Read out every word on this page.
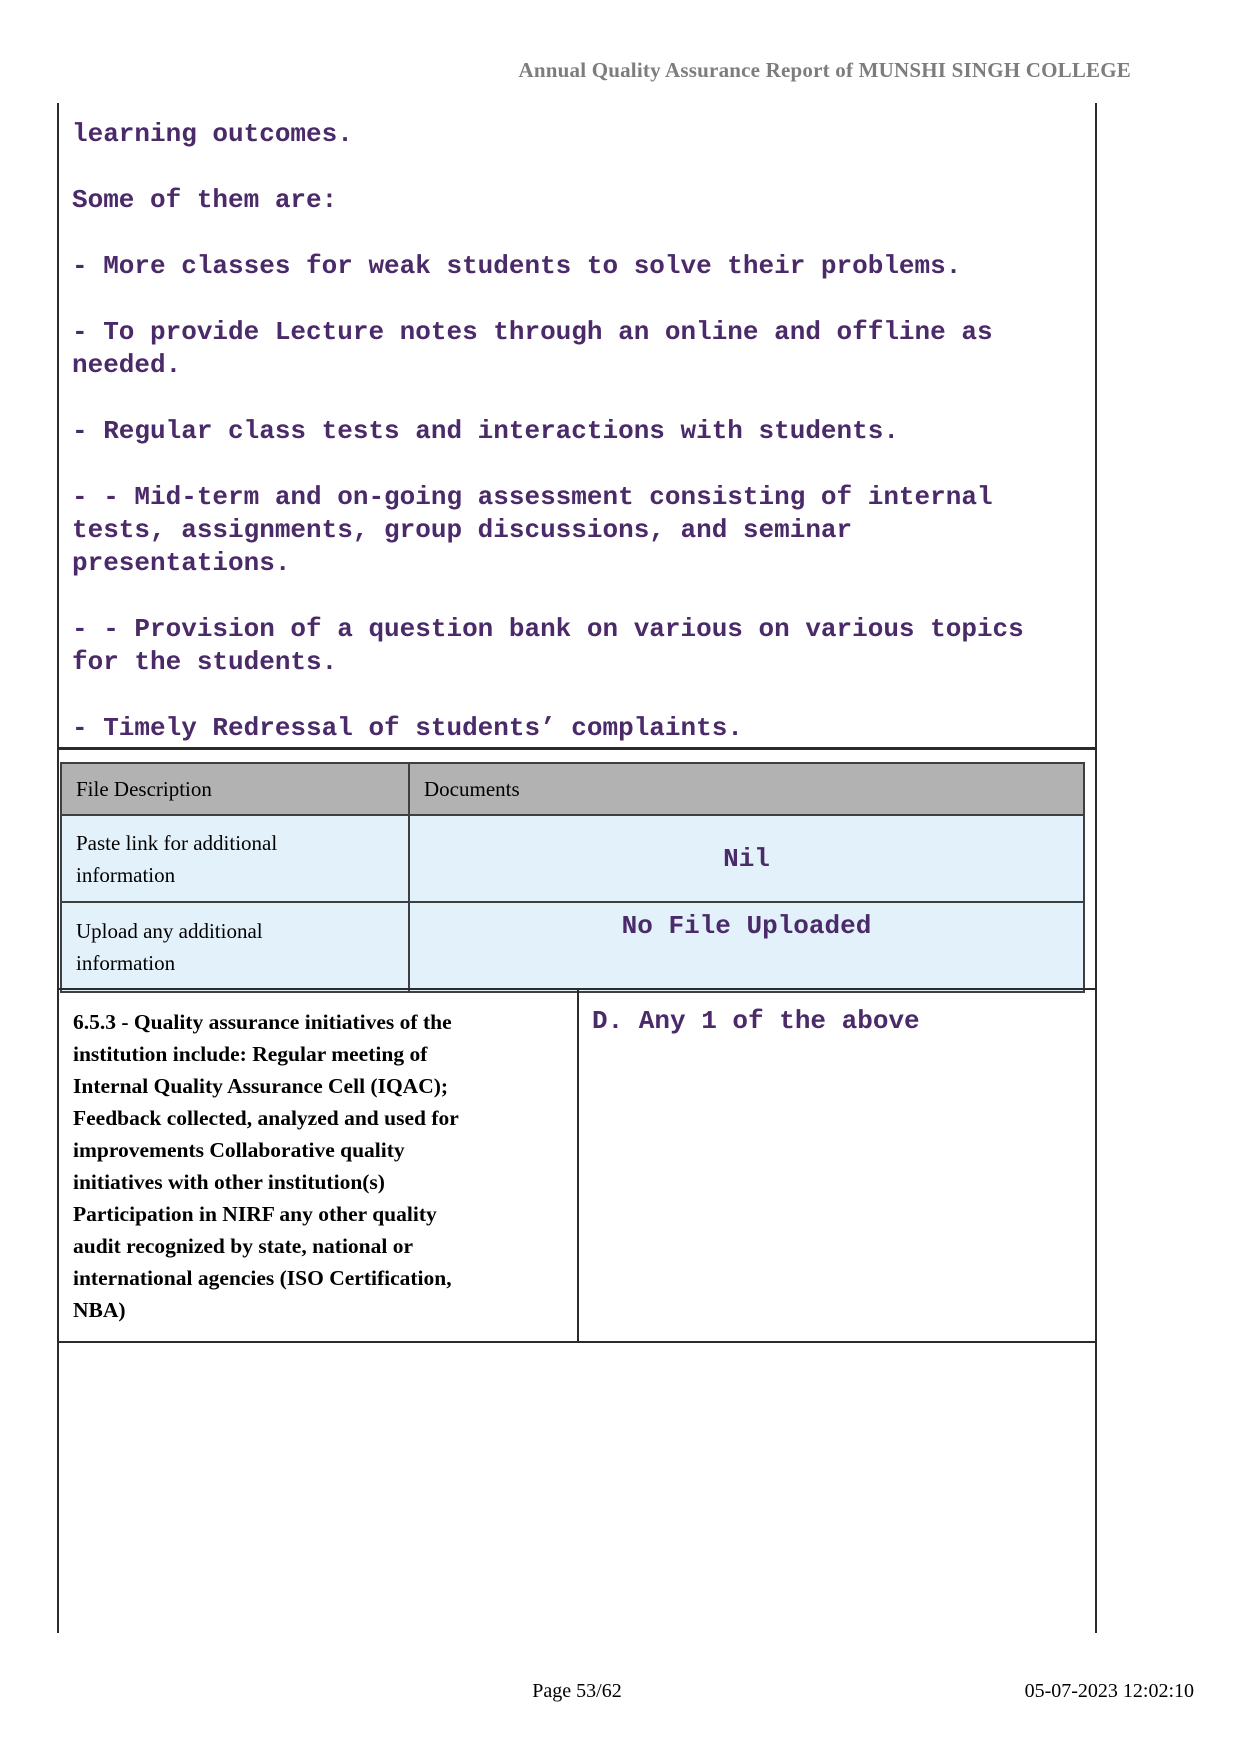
Annual Quality Assurance Report of MUNSHI SINGH COLLEGE
learning outcomes.
Some of them are:
- More classes for weak students to solve their problems.
- To provide Lecture notes through an online and offline as
needed.
- Regular class tests and interactions with students.
- - Mid-term and on-going assessment consisting of internal
tests, assignments, group discussions, and seminar
presentations.
- - Provision of a question bank on various on various topics
for the students.
- Timely Redressal of students’ complaints.
File Description	Documents

Paste link for additional
information	Nil

Upload any additional
information	No File Uploaded
6.5.3 - Quality assurance initiatives of the
institution include: Regular meeting of
Internal Quality Assurance Cell (IQAC);
Feedback collected, analyzed and used for
improvements Collaborative quality
initiatives with other institution(s)
Participation in NIRF any other quality
audit recognized by state, national or
international agencies (ISO Certification,
NBA)
D. Any 1 of the above
Page 53/62	05-07-2023 12:02:10
